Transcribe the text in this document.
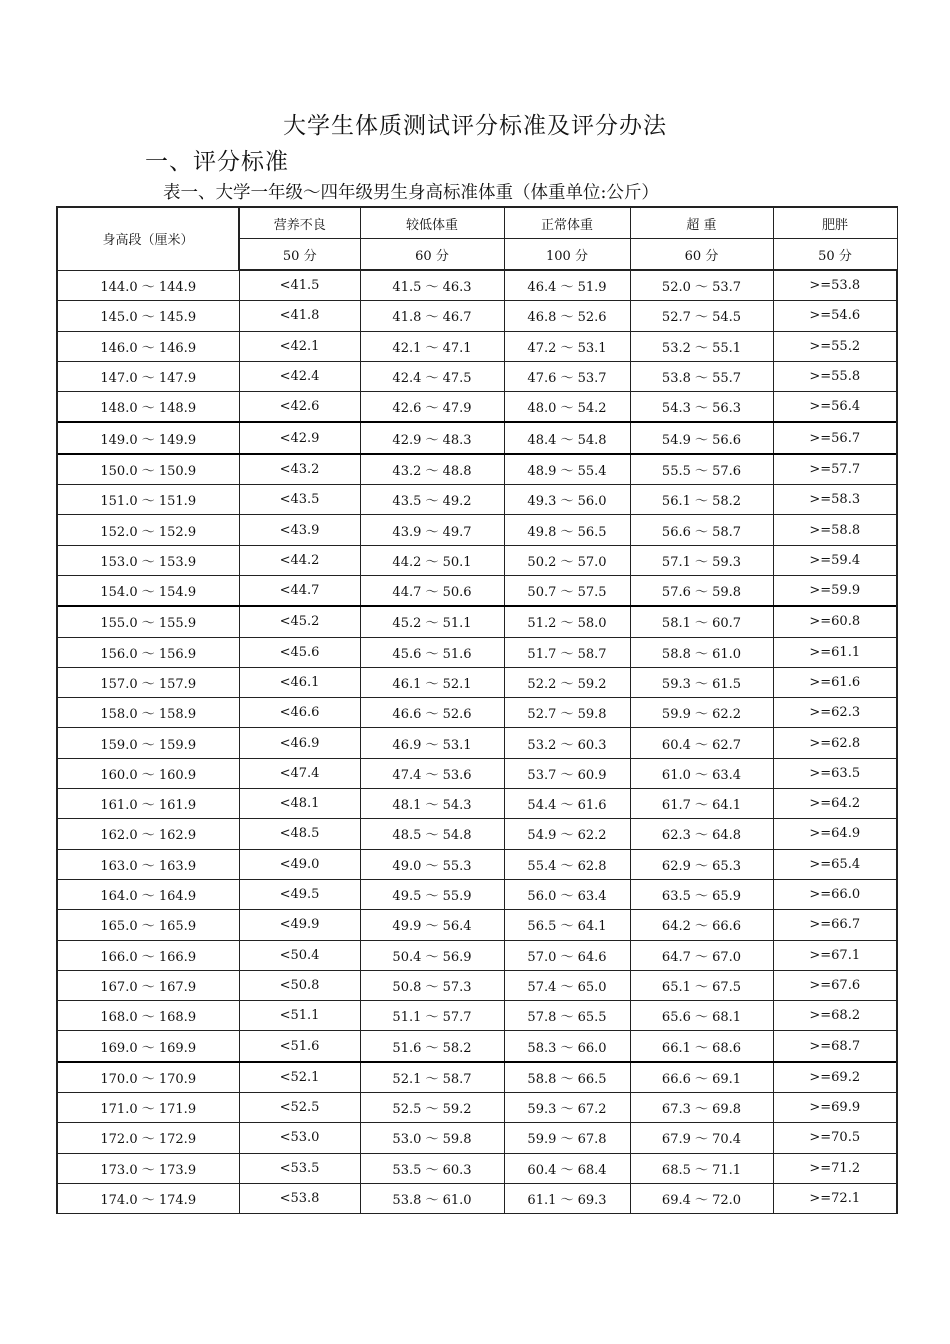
大学生体质测试评分标准及评分办法
一、评分标准
表一、大学一年级～四年级男生身高标准体重（体重单位:公斤）
身高段（厘米）	营养不良	较低体重	正常体重	超 重	肥胖
	50 分	60 分	100 分	60 分	50 分
144.0 ～ 144.9	<41.5	41.5 ～ 46.3	46.4 ～ 51.9	52.0 ～ 53.7	>=53.8
145.0 ～ 145.9	<41.8	41.8 ～ 46.7	46.8 ～ 52.6	52.7 ～ 54.5	>=54.6
146.0 ～ 146.9	<42.1	42.1 ～ 47.1	47.2 ～ 53.1	53.2 ～ 55.1	>=55.2
147.0 ～ 147.9	<42.4	42.4 ～ 47.5	47.6 ～ 53.7	53.8 ～ 55.7	>=55.8
148.0 ～ 148.9	<42.6	42.6 ～ 47.9	48.0 ～ 54.2	54.3 ～ 56.3	>=56.4
149.0 ～ 149.9	<42.9	42.9 ～ 48.3	48.4 ～ 54.8	54.9 ～ 56.6	>=56.7
150.0 ～ 150.9	<43.2	43.2 ～ 48.8	48.9 ～ 55.4	55.5 ～ 57.6	>=57.7
151.0 ～ 151.9	<43.5	43.5 ～ 49.2	49.3 ～ 56.0	56.1 ～ 58.2	>=58.3
152.0 ～ 152.9	<43.9	43.9 ～ 49.7	49.8 ～ 56.5	56.6 ～ 58.7	>=58.8
153.0 ～ 153.9	<44.2	44.2 ～ 50.1	50.2 ～ 57.0	57.1 ～ 59.3	>=59.4
154.0 ～ 154.9	<44.7	44.7 ～ 50.6	50.7 ～ 57.5	57.6 ～ 59.8	>=59.9
155.0 ～ 155.9	<45.2	45.2 ～ 51.1	51.2 ～ 58.0	58.1 ～ 60.7	>=60.8
156.0 ～ 156.9	<45.6	45.6 ～ 51.6	51.7 ～ 58.7	58.8 ～ 61.0	>=61.1
157.0 ～ 157.9	<46.1	46.1 ～ 52.1	52.2 ～ 59.2	59.3 ～ 61.5	>=61.6
158.0 ～ 158.9	<46.6	46.6 ～ 52.6	52.7 ～ 59.8	59.9 ～ 62.2	>=62.3
159.0 ～ 159.9	<46.9	46.9 ～ 53.1	53.2 ～ 60.3	60.4 ～ 62.7	>=62.8
160.0 ～ 160.9	<47.4	47.4 ～ 53.6	53.7 ～ 60.9	61.0 ～ 63.4	>=63.5
161.0 ～ 161.9	<48.1	48.1 ～ 54.3	54.4 ～ 61.6	61.7 ～ 64.1	>=64.2
162.0 ～ 162.9	<48.5	48.5 ～ 54.8	54.9 ～ 62.2	62.3 ～ 64.8	>=64.9
163.0 ～ 163.9	<49.0	49.0 ～ 55.3	55.4 ～ 62.8	62.9 ～ 65.3	>=65.4
164.0 ～ 164.9	<49.5	49.5 ～ 55.9	56.0 ～ 63.4	63.5 ～ 65.9	>=66.0
165.0 ～ 165.9	<49.9	49.9 ～ 56.4	56.5 ～ 64.1	64.2 ～ 66.6	>=66.7
166.0 ～ 166.9	<50.4	50.4 ～ 56.9	57.0 ～ 64.6	64.7 ～ 67.0	>=67.1
167.0 ～ 167.9	<50.8	50.8 ～ 57.3	57.4 ～ 65.0	65.1 ～ 67.5	>=67.6
168.0 ～ 168.9	<51.1	51.1 ～ 57.7	57.8 ～ 65.5	65.6 ～ 68.1	>=68.2
169.0 ～ 169.9	<51.6	51.6 ～ 58.2	58.3 ～ 66.0	66.1 ～ 68.6	>=68.7
170.0 ～ 170.9	<52.1	52.1 ～ 58.7	58.8 ～ 66.5	66.6 ～ 69.1	>=69.2
171.0 ～ 171.9	<52.5	52.5 ～ 59.2	59.3 ～ 67.2	67.3 ～ 69.8	>=69.9
172.0 ～ 172.9	<53.0	53.0 ～ 59.8	59.9 ～ 67.8	67.9 ～ 70.4	>=70.5
173.0 ～ 173.9	<53.5	53.5 ～ 60.3	60.4 ～ 68.4	68.5 ～ 71.1	>=71.2
174.0 ～ 174.9	<53.8	53.8 ～ 61.0	61.1 ～ 69.3	69.4 ～ 72.0	>=72.1
